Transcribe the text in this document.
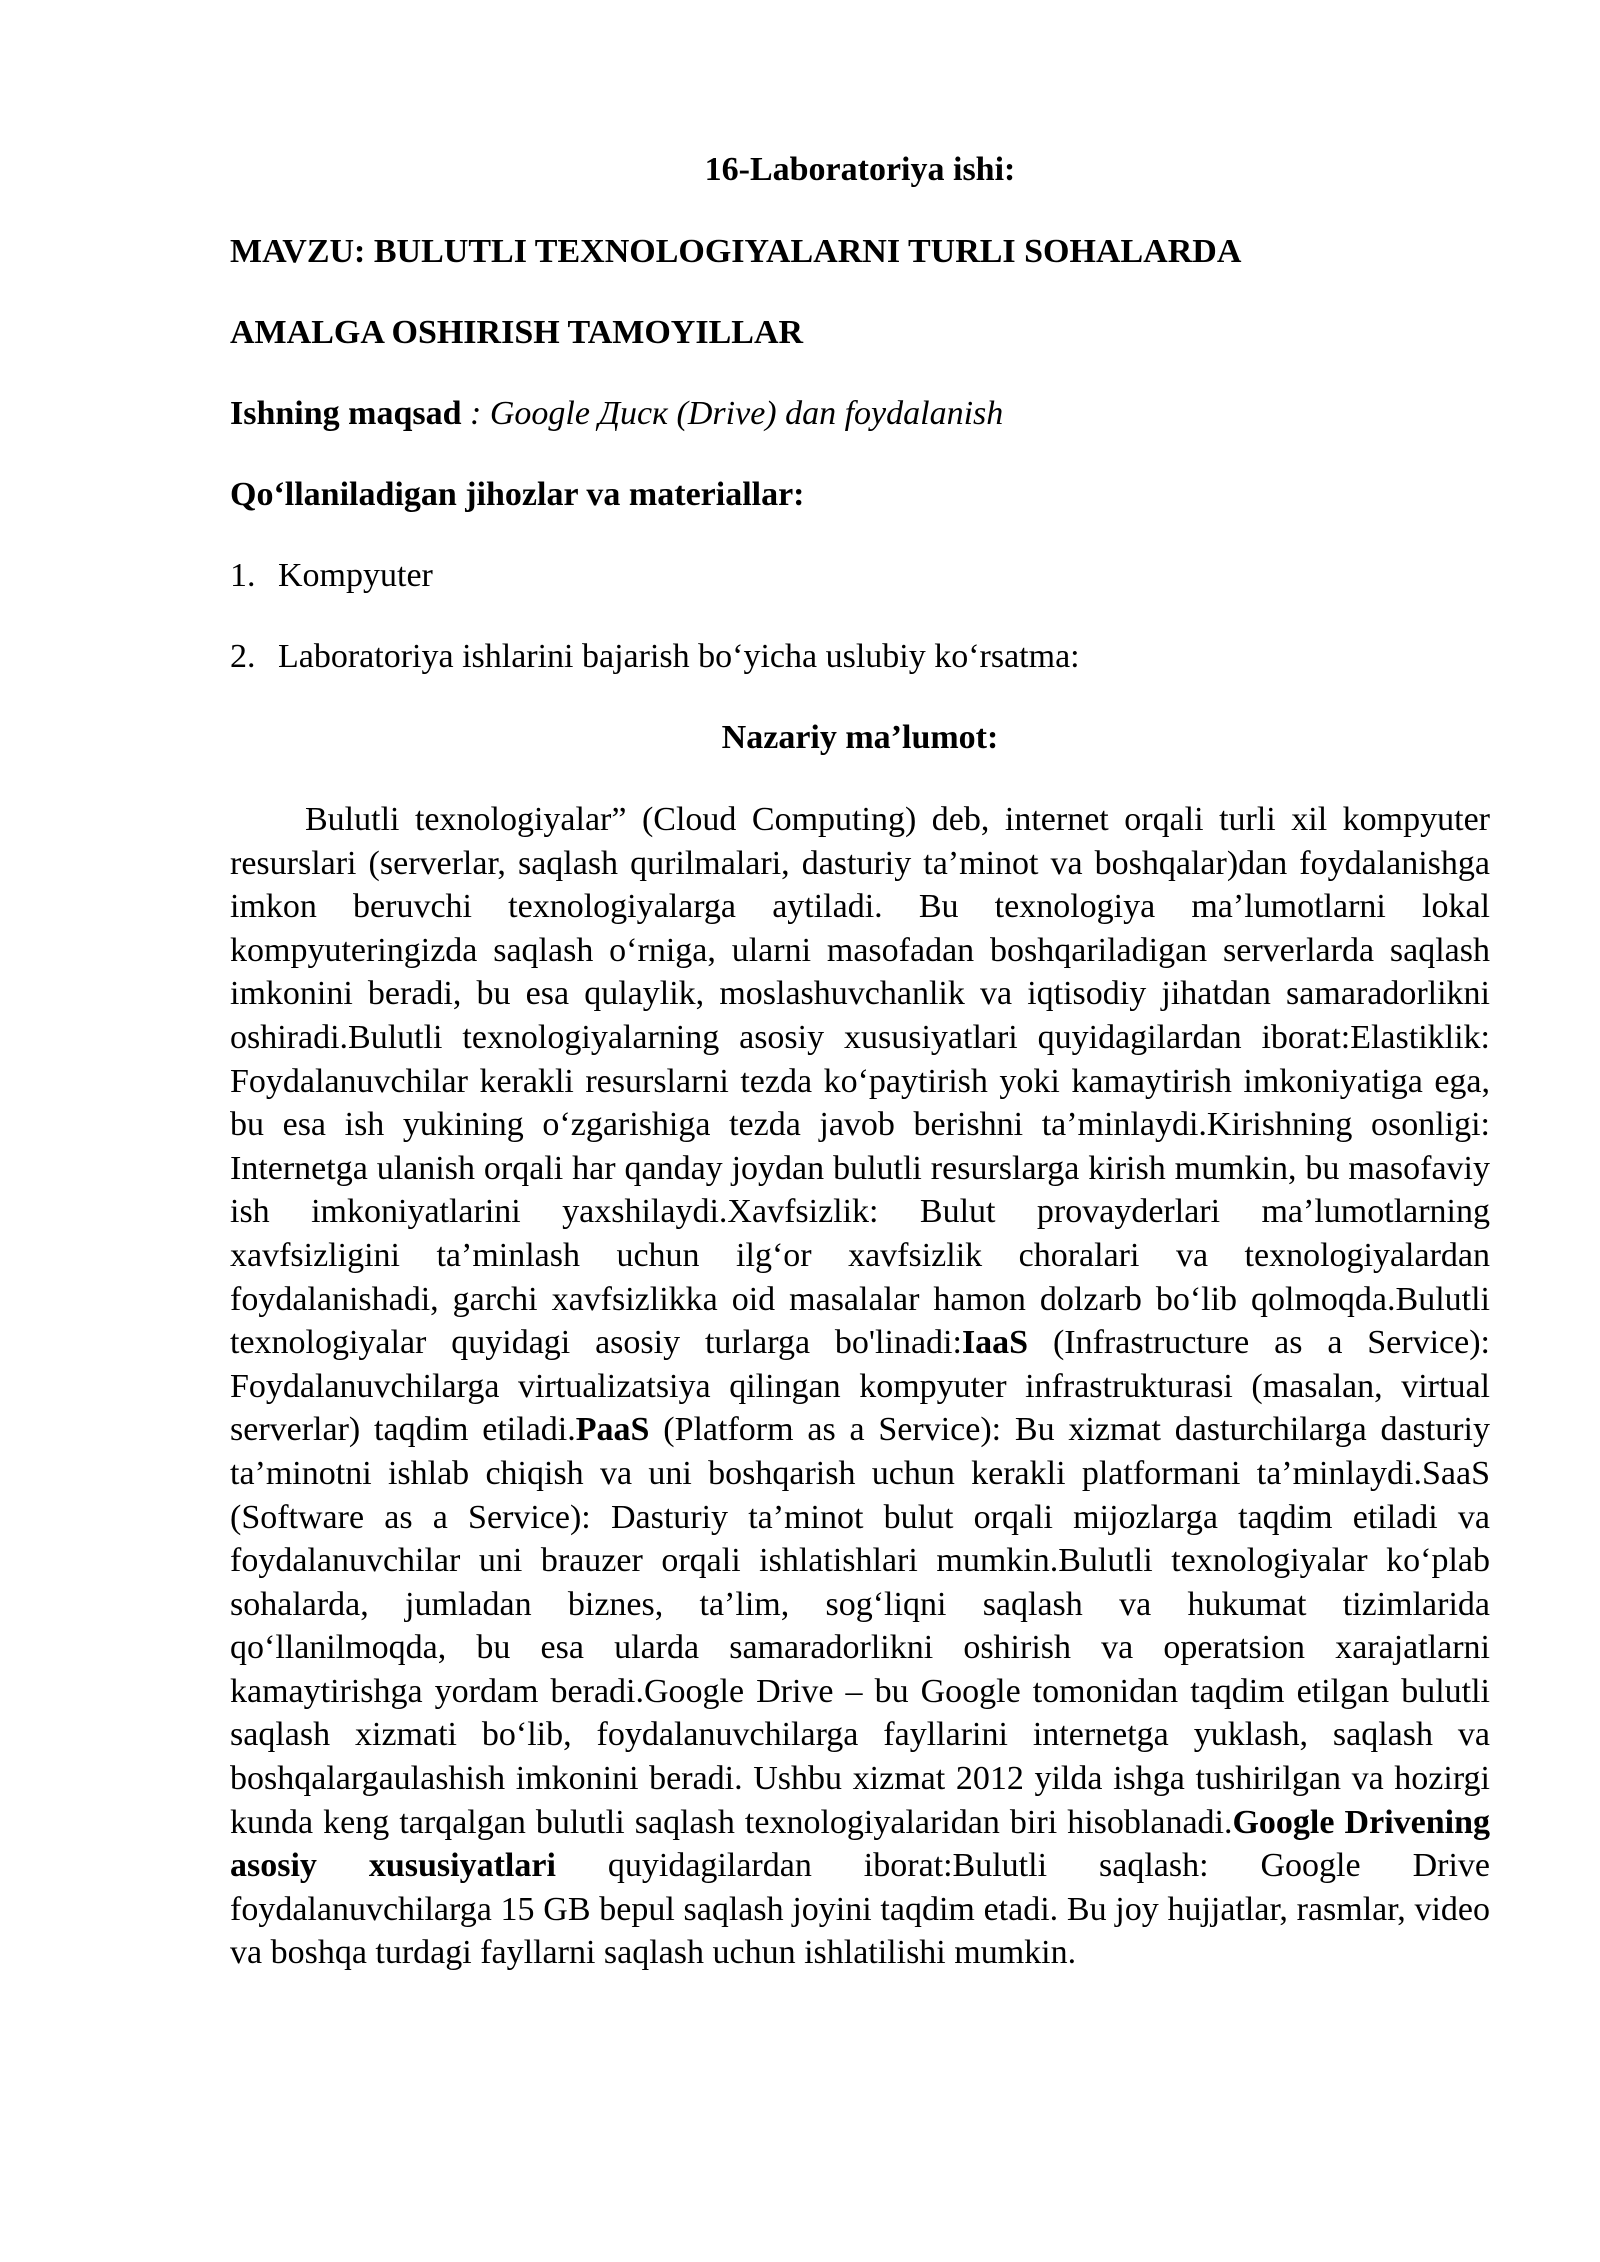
16-Laboratoriya ishi:
MAVZU: BULUTLI TEXNOLOGIYALARNI TURLI SOHALARDA
AMALGA OSHIRISH TAMOYILLAR
Ishning maqsad : Google Диск (Drive) dan foydalanish
Qo‘llaniladigan jihozlar va materiallar:
1. Kompyuter
2. Laboratoriya ishlarini bajarish bo‘yicha uslubiy ko‘rsatma:
Nazariy ma’lumot:

Bulutli texnologiyalar” (Cloud Computing) deb, internet orqali turli xil kompyuter resurslari (serverlar, saqlash qurilmalari, dasturiy ta’minot va boshqalar)dan foydalanishga imkon beruvchi texnologiyalarga aytiladi. Bu texnologiya ma’lumotlarni lokal kompyuteringizda saqlash o‘rniga, ularni masofadan boshqariladigan serverlarda saqlash imkonini beradi, bu esa qulaylik, moslashuvchanlik va iqtisodiy jihatdan samaradorlikni oshiradi.Bulutli texnologiyalarning asosiy xususiyatlari quyidagilardan iborat:Elastiklik: Foydalanuvchilar kerakli resurslarni tezda ko‘paytirish yoki kamaytirish imkoniyatiga ega, bu esa ish yukining o‘zgarishiga tezda javob berishni ta’minlaydi.Kirishning osonligi: Internetga ulanish orqali har qanday joydan bulutli resurslarga kirish mumkin, bu masofaviy ish imkoniyatlarini yaxshilaydi.Xavfsizlik: Bulut provayderlari ma’lumotlarning xavfsizligini ta’minlash uchun ilg‘or xavfsizlik choralari va texnologiyalardan foydalanishadi, garchi xavfsizlikka oid masalalar hamon dolzarb bo‘lib qolmoqda.Bulutli texnologiyalar quyidagi asosiy turlarga bo'linadi:IaaS (Infrastructure as a Service): Foydalanuvchilarga virtualizatsiya qilingan kompyuter infrastrukturasi (masalan, virtual serverlar) taqdim etiladi.PaaS (Platform as a Service): Bu xizmat dasturchilarga dasturiy ta’minotni ishlab chiqish va uni boshqarish uchun kerakli platformani ta’minlaydi.SaaS (Software as a Service): Dasturiy ta’minot bulut orqali mijozlarga taqdim etiladi va foydalanuvchilar uni brauzer orqali ishlatishlari mumkin.Bulutli texnologiyalar ko‘plab sohalarda, jumladan biznes, ta’lim, sog‘liqni saqlash va hukumat tizimlarida qo‘llanilmoqda, bu esa ularda samaradorlikni oshirish va operatsion xarajatlarni kamaytirishga yordam beradi.Google Drive – bu Google tomonidan taqdim etilgan bulutli saqlash xizmati bo‘lib, foydalanuvchilarga fayllarini internetga yuklash, saqlash va boshqalargaulashish imkonini beradi. Ushbu xizmat 2012 yilda ishga tushirilgan va hozirgi kunda keng tarqalgan bulutli saqlash texnologiyalaridan biri hisoblanadi.Google Drivening asosiy xususiyatlari quyidagilardan iborat:Bulutli saqlash: Google Drive foydalanuvchilarga 15 GB bepul saqlash joyini taqdim etadi. Bu joy hujjatlar, rasmlar, video va boshqa turdagi fayllarni saqlash uchun ishlatilishi mumkin.
